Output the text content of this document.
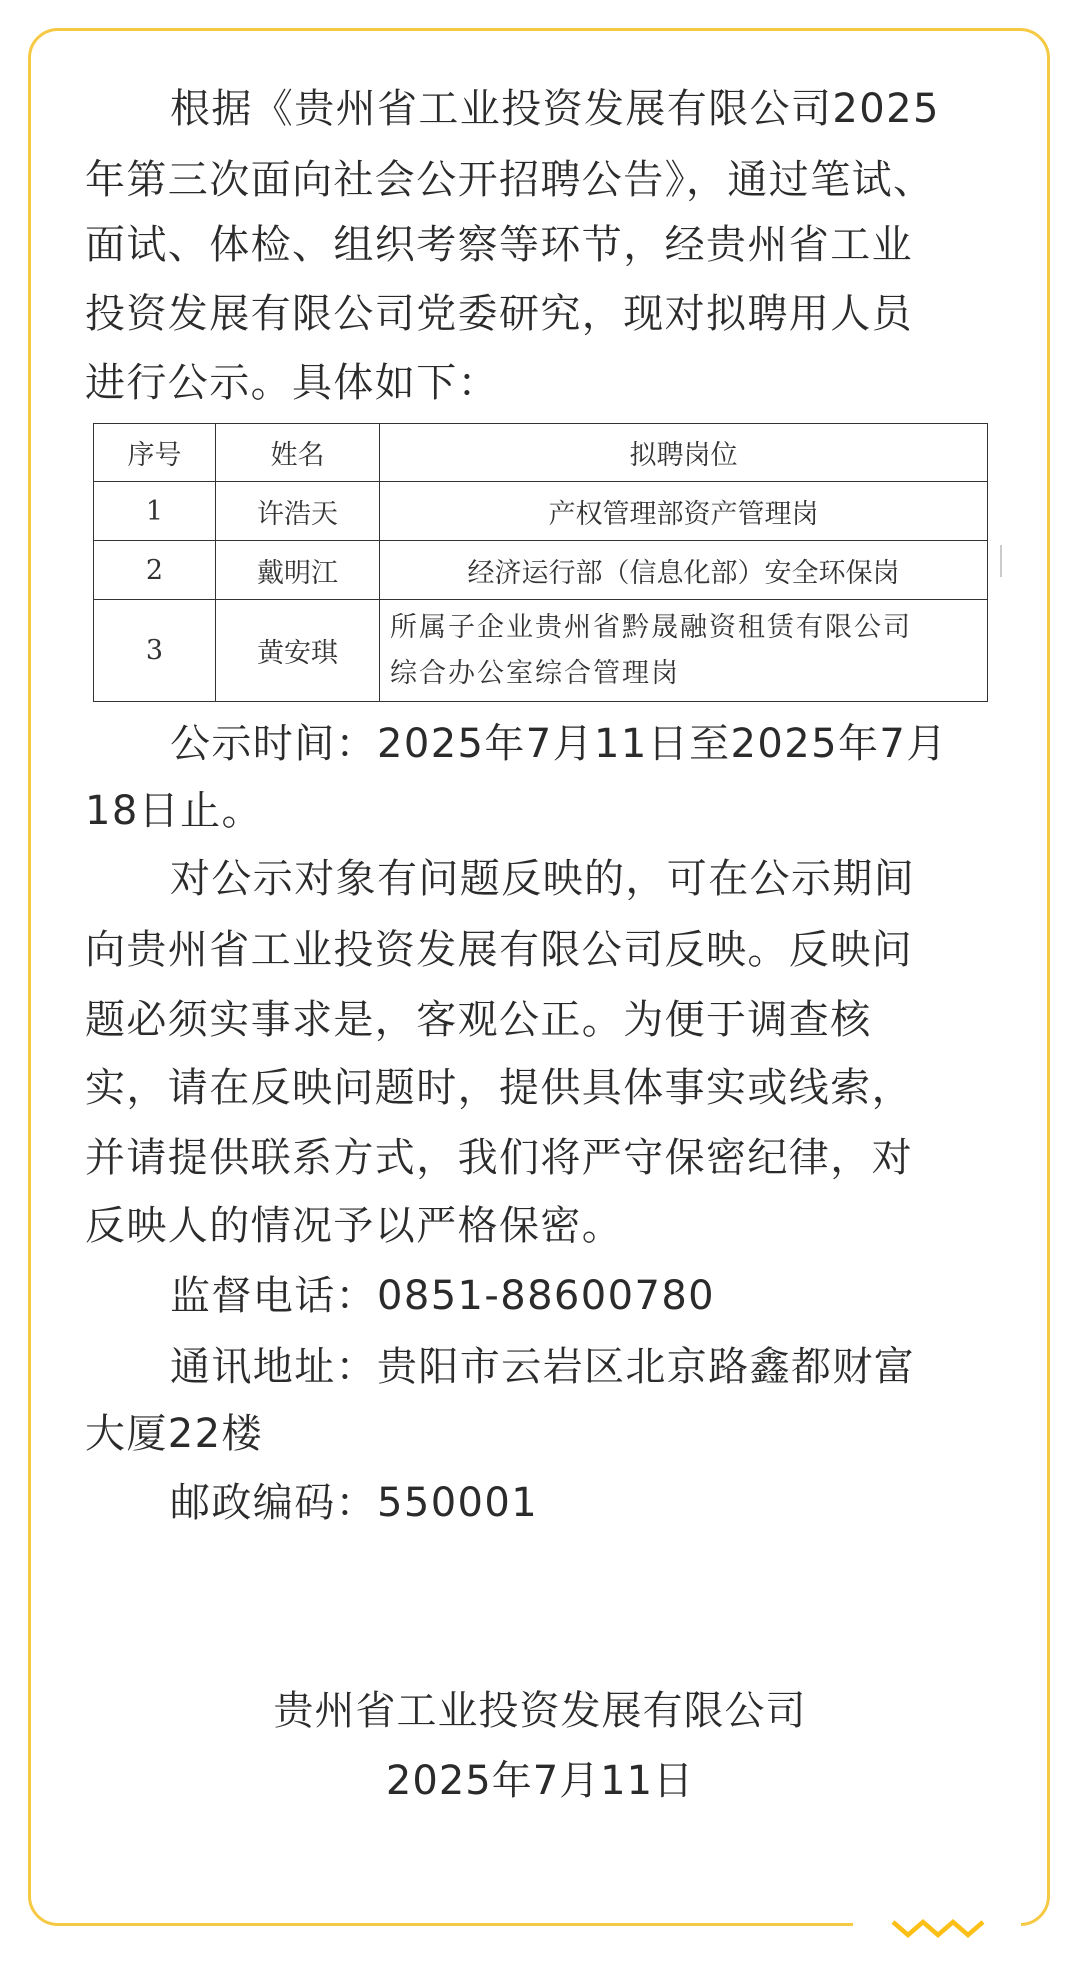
根据《贵州省工业投资发展有限公司2025
年第三次面向社会公开招聘公告》，通过笔试、
面试、体检、组织考察等环节，经贵州省工业
投资发展有限公司党委研究，现对拟聘用人员
进行公示。具体如下：
序号	姓名	拟聘岗位
1	许浩天	产权管理部资产管理岗
2	戴明江	经济运行部（信息化部）安全环保岗
3	黄安琪	所属子企业贵州省黔晟融资租赁有限公司
综合办公室综合管理岗
公示时间：2025年7月11日至2025年7月
18日止。
对公示对象有问题反映的，可在公示期间
向贵州省工业投资发展有限公司反映。反映问
题必须实事求是，客观公正。为便于调查核
实，请在反映问题时，提供具体事实或线索，
并请提供联系方式，我们将严守保密纪律，对
反映人的情况予以严格保密。
监督电话：0851-88600780
通讯地址：贵阳市云岩区北京路鑫都财富
大厦22楼
邮政编码：550001
贵州省工业投资发展有限公司
2025年7月11日
